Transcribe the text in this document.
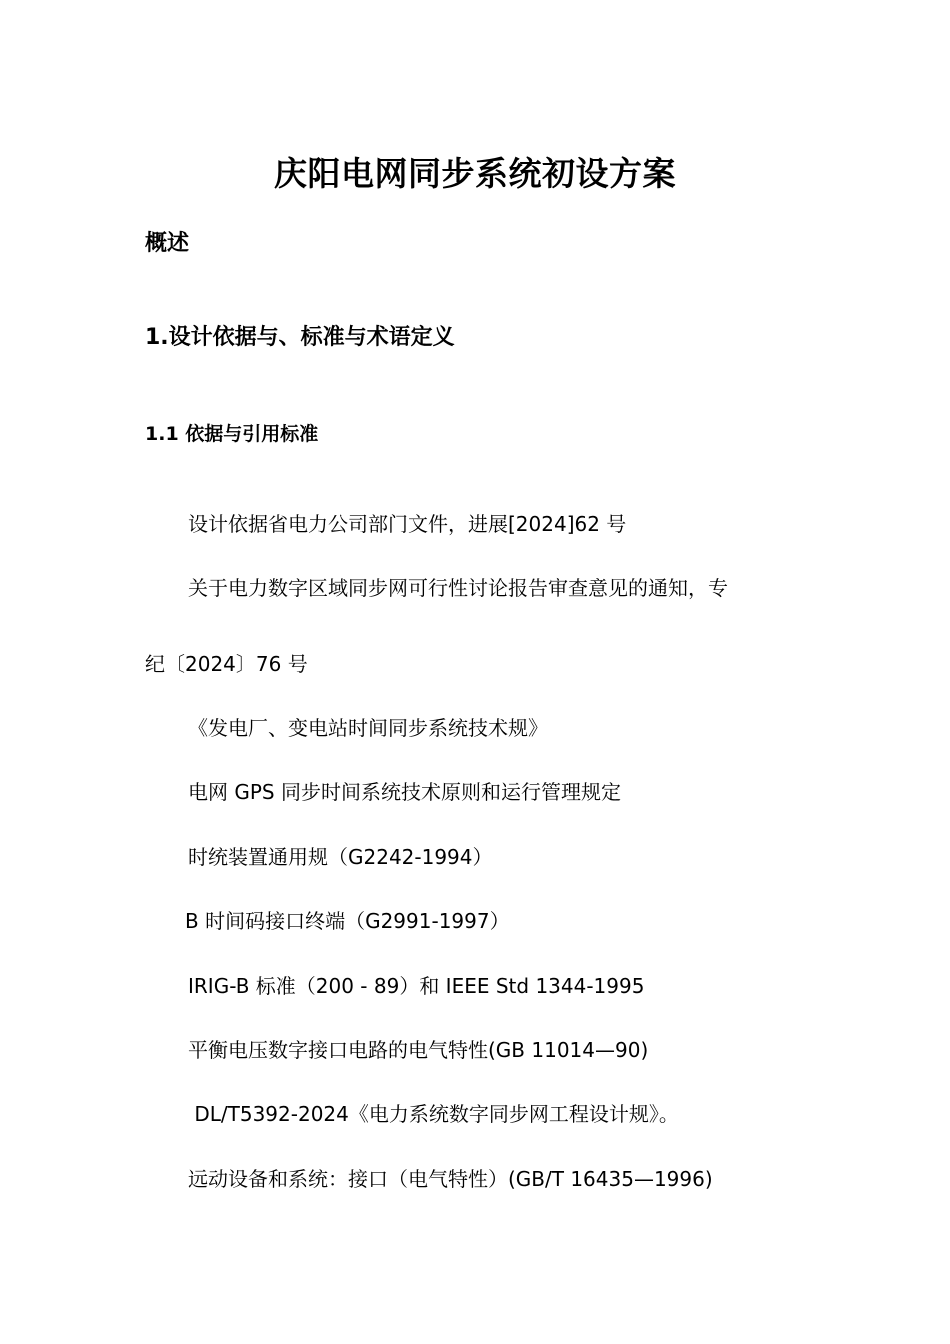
庆阳电网同步系统初设方案
概述
1.设计依据与、标准与术语定义
1.1 依据与引用标准
设计依据省电力公司部门文件，进展[2024]62 号
关于电力数字区域同步网可行性讨论报告审查意见的通知，专
纪〔2024〕76 号
《发电厂、变电站时间同步系统技术规》
电网 GPS 同步时间系统技术原则和运行管理规定
时统装置通用规（G2242-1994）
B 时间码接口终端（G2991-1997）
IRIG-B 标准（200 - 89）和 IEEE Std 1344-1995
平衡电压数字接口电路的电气特性(GB 11014—90)
DL/T5392-2024《电力系统数字同步网工程设计规》。
远动设备和系统：接口（电气特性）(GB/T 16435—1996)
